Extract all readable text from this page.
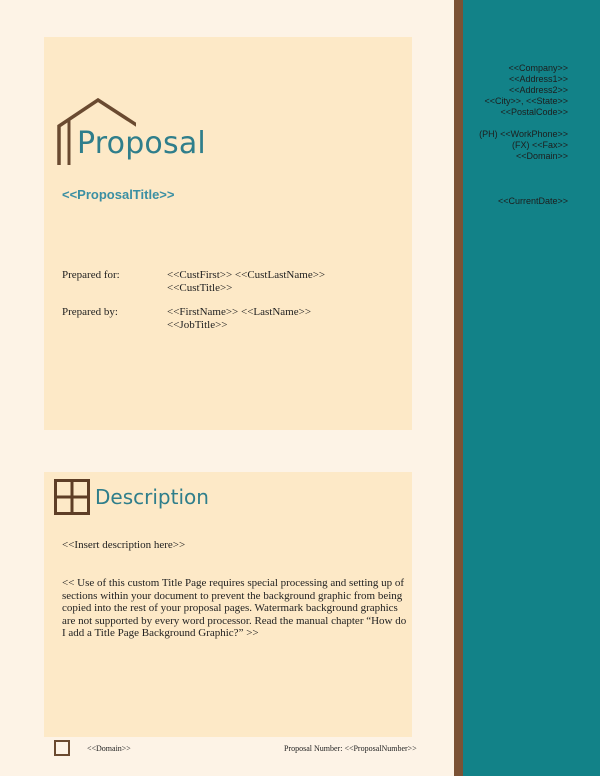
Proposal
<<ProposalTitle>>
Prepared for:	<<CustFirst>> <<CustLastName>>
<<CustTitle>>
Prepared by:	<<FirstName>> <<LastName>>
<<JobTitle>>
Description
<<Insert description here>>
<< Use of this custom Title Page requires special processing and setting up of sections within your document to prevent the background graphic from being copied into the rest of your proposal pages. Watermark background graphics are not supported by every word processor. Read the manual chapter “How do I add a Title Page Background Graphic?” >>
<<Company>>
<<Address1>>
<<Address2>>
<<City>>, <<State>>
<<PostalCode>>
(PH) <<WorkPhone>>
(FX) <<Fax>>
<<Domain>>
<<CurrentDate>>
<<Domain>>	Proposal Number: <<ProposalNumber>>
